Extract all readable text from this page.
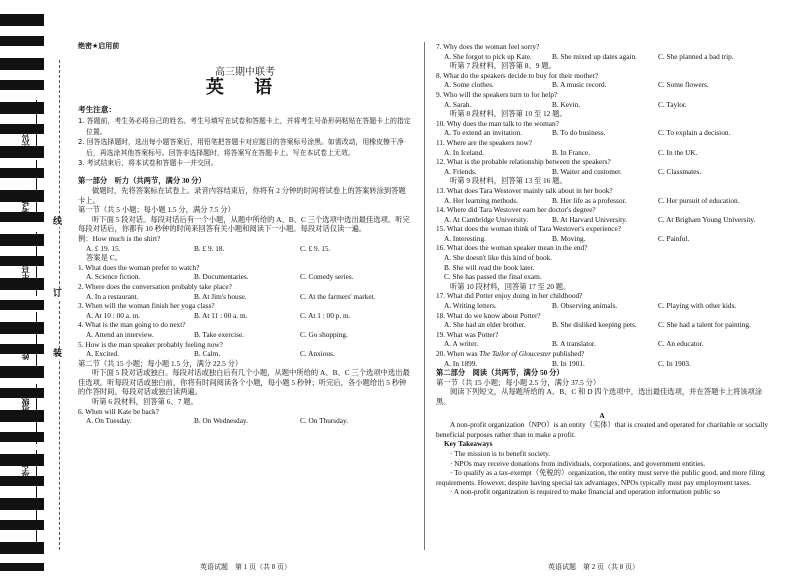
座位号
考场号
考生号
姓名
班级
学校
线
订
装
绝密★启用前
高三期中联考
英 语
考生注意：
1. 答题前，考生务必将自己的姓名、考生号填写在试卷和答题卡上，并将考生号条形码粘贴在答题卡上的指定位置。
2. 回答选择题时，选出每小题答案后，用铅笔把答题卡对应题目的答案标号涂黑。如需改动，用橡皮擦干净后，再选涂其他答案标号。回答非选择题时，将答案写在答题卡上。写在本试卷上无效。
3. 考试结束后，将本试卷和答题卡一并交回。
第一部分　听力（共两节，满分 30 分）
做题时，先将答案标在试卷上。录音内容结束后，你将有 2 分钟的时间将试卷上的答案转涂到答题卡上。
第一节（共 5 小题；每小题 1.5 分，满分 7.5 分）
听下面 5 段对话。每段对话后有一个小题，从题中所给的 A、B、C 三个选项中选出最佳选项。听完每段对话后，你都有 10 秒钟的时间来回答有关小题和阅读下一小题。每段对话仅读一遍。
例：How much is the shirt?
A. £ 19. 15.	B. £ 9. 18.	C. £ 9. 15.
答案是 C。
1. What does the woman prefer to watch?
A. Science fiction.	B. Documentaries.	C. Comedy series.
2. Where does the conversation probably take place?
A. In a restaurant.	B. At Jim's house.	C. At the farmers' market.
3. When will the woman finish her yoga class?
A. At 10 : 00 a. m.	B. At 11 : 00 a. m.	C. At 1 : 00 p. m.
4. What is the man going to do next?
A. Attend an interview.	B. Take exercise.	C. Go shopping.
5. How is the man speaker probably feeling now?
A. Excited.	B. Calm.	C. Anxious.
第二节（共 15 小题；每小题 1.5 分，满分 22.5 分）
听下面 5 段对话或独白。每段对话或独白后有几个小题，从题中所给的 A、B、C 三个选项中选出最佳选项。听每段对话或独白前，你将有时间阅读各个小题，每小题 5 秒钟；听完后，各小题给出 5 秒钟的作答时间。每段对话或独白读两遍。
听第 6 段材料，回答第 6、7 题。
6. When will Kate be back?
A. On Tuesday.	B. On Wednesday.	C. On Thursday.
7. Why does the woman feel sorry?
A. She forgot to pick up Kate.	B. She mixed up dates again.	C. She planned a bad trip.
听第 7 段材料，回答第 8、9 题。
8. What do the speakers decide to buy for their mother?
A. Some clothes.	B. A music record.	C. Some flowers.
9. Who will the speakers turn to for help?
A. Sarah.	B. Kevin.	C. Taylor.
听第 8 段材料，回答第 10 至 12 题。
10. Why does the man talk to the woman?
A. To extend an invitation.	B. To do business.	C. To explain a decision.
11. Where are the speakers now?
A. In Iceland.	B. In France.	C. In the UK.
12. What is the probable relationship between the speakers?
A. Friends.	B. Waiter and customer.	C. Classmates.
听第 9 段材料，回答第 13 至 16 题。
13. What does Tara Westover mainly talk about in her book?
A. Her learning methods.	B. Her life as a professor.	C. Her pursuit of education.
14. Where did Tara Westover earn her doctor's degree?
A. At Cambridge University.	B. At Harvard University.	C. At Brigham Young University.
15. What does the woman think of Tara Westover's experience?
A. Interesting.	B. Moving.	C. Painful.
16. What does the woman speaker mean in the end?
A. She doesn't like this kind of book.
B. She will read the book later.
C. She has passed the final exam.
听第 10 段材料，回答第 17 至 20 题。
17. What did Potter enjoy doing in her childhood?
A. Writing letters.	B. Observing animals.	C. Playing with other kids.
18. What do we know about Potter?
A. She had an elder brother.	B. She disliked keeping pets.	C. She had a talent for painting.
19. What was Potter?
A. A writer.	B. A translator.	C. An educator.
20. When was The Tailor of Gloucester published?
A. In 1899.	B. In 1901.	C. In 1903.
第二部分　阅读（共两节，满分 50 分）
第一节（共 15 小题；每小题 2.5 分，满分 37.5 分）
阅读下列短文，从每题所给的 A、B、C 和 D 四个选项中，选出最佳选项，并在答题卡上将该项涂黑。
A
A non-profit organization（NPO）is an entity（实体）that is created and operated for charitable or socially beneficial purposes rather than to make a profit.
Key Takeaways
· The mission is to benefit society.
· NPOs may receive donations from individuals, corporations, and government entities.
· To qualify as a tax-exempt（免税的）organization, the entity must serve the public good, and more filing requirements. However, despite having special tax advantages, NPOs typically must pay employment taxes.
· A non-profit organization is required to make financial and operation information public so
英语试题　第 1 页（共 8 页）	英语试题　第 2 页（共 8 页）
